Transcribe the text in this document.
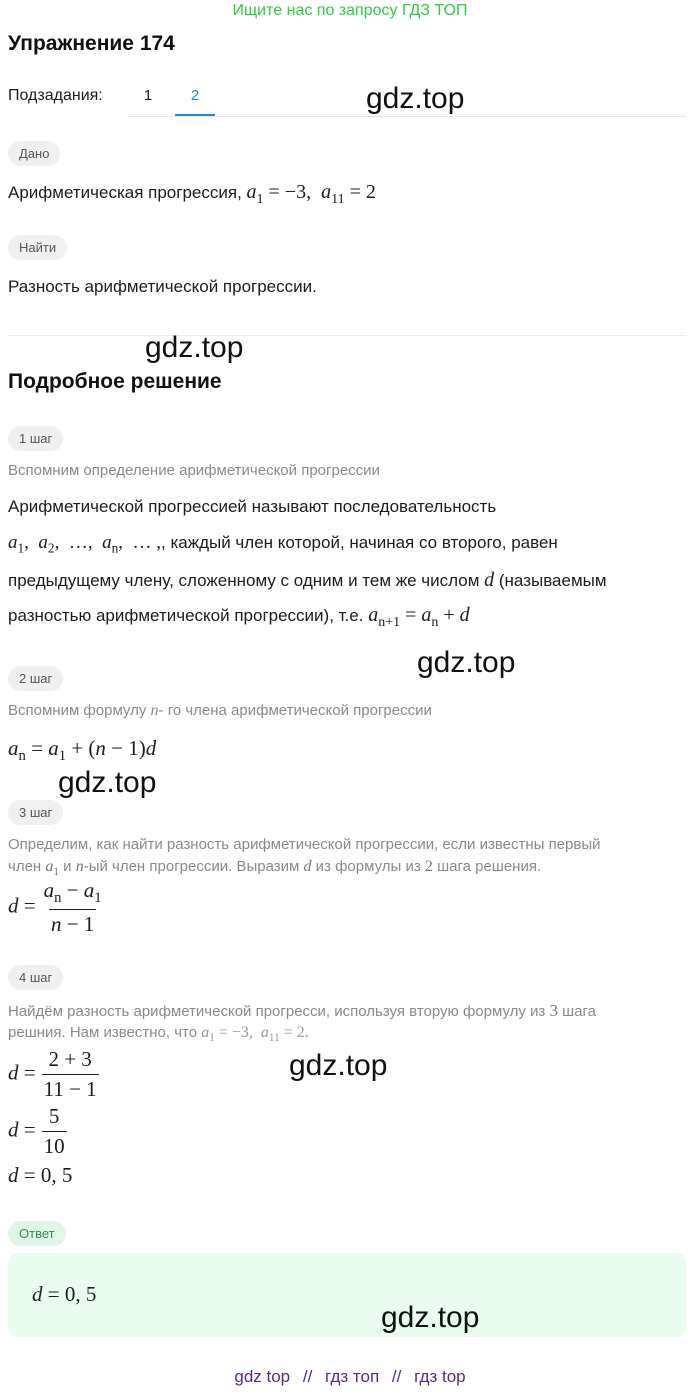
Ищите нас по запросу ГДЗ ТОП
Упражнение 174
Подзадания:	1	2	gdz.top
Дано
Арифметическая прогрессия, $a_1 = -3$,  $a_{11} = 2$
Найти
Разность арифметической прогрессии.
gdz.top
Подробное решение
1 шаг
Вспомним определение арифметической прогрессии
Арифметической прогрессией называют последовательность
$a_1$,  $a_2$,  …,  $a_n$,  … ,, каждый член которой, начиная со второго, равен
предыдущему члену, сложенному с одним и тем же числом d (называемым
разностью арифметической прогрессии), т.е. $a_{n+1} = a_n + d$
gdz.top
2 шаг
Вспомним формулу n- го члена арифметической прогрессии
$a_n = a_1 + (n - 1)d$
gdz.top
3 шаг
Определим, как найти разность арифметической прогрессии, если известны первый
член $a_1$ и n-ый член прогрессии. Выразим d из формулы из 2 шага решения.
$d = \frac{a_n - a_1}{n - 1}$
4 шаг
Найдём разность арифметической прогресси, используя вторую формулу из 3 шага
решния. Нам известно, что $a_1 = -3$,  $a_{11} = 2$.
$d = \frac{2 + 3}{11 - 1}$	gdz.top
$d = \frac{5}{10}$
d = 0, 5
Ответ
d = 0, 5
gdz.top
gdz top // гдз топ // гдз top
